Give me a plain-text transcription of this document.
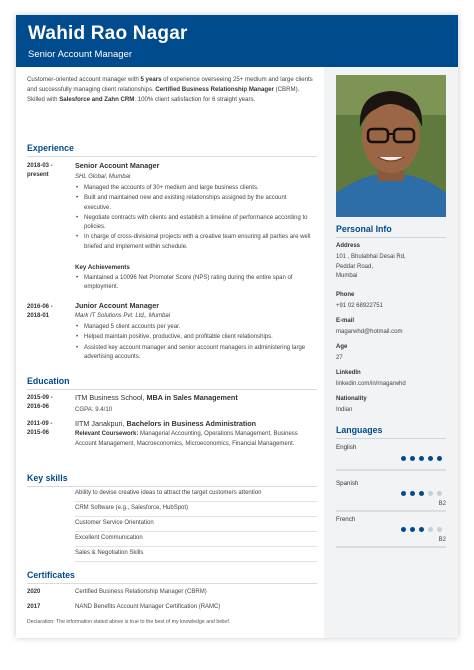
Wahid Rao Nagar
Senior Account Manager
Customer-oriented account manager with 5 years of experience overseeing 25+ medium and large clients and successfully managing client relationships. Certified Business Relationship Manager (CBRM). Skilled with Salesforce and Zahn CRM. 100% client satisfaction for 6 straight years.
Experience
2018-03 -
present
Senior Account Manager
SHL Global, Mumbai
• Managed the accounts of 30+ medium and large business clients.
• Built and maintained new and existing relationships assigned by the account executive.
• Negotiate contracts with clients and establish a timeline of performance according to policies.
• In charge of cross-divisional projects with a creative team ensuring all parties are well briefed and implement within schedule.
Key Achievements
• Maintained a 10096 Net Promoter Score (NPS) rating during the entire span of employment.
2016-06 -
2018-01
Junior Account Manager
Mark IT Solutions Pvt. Ltd., Mumbai
• Managed 5 client accounts per year.
• Helped maintain positive, productive, and profitable client relationships.
• Assisted key account manager and senior account managers in administering large advertising accounts.
Education
2015-09 -
2016-06
ITM Business School, MBA in Sales Management
CGPA: 9.4/10
2011-09 -
2015-06
IITM Janakpuri, Bachelors in Business Administration
Relevant Coursework: Managerial Accounting, Operations Management, Business Account Management, Macroeconomics, Microeconomics, Financial Management.
Key skills
Ability to devise creative ideas to attract the target customers attention
CRM Software (e.g., Salesforce, HubSpot)
Customer Service Orientation
Excellent Communication
Sales & Negotiation Skills
Certificates
2020	Certified Business Relationship Manager (CBRM)
2017	NAND Benefits Account Manager Certification (RAMC)
Declaration: The information stated above is true to the best of my knowledge and belief.
Personal Info
Address
101 , Bhulabhai Desai Rd,
Peddar Road,
Mumbai
Phone
+91 02 68922751
E-mail
magarwhd@hotmail.com
Age
27
LinkedIn
linkedin.com/in/rnagarwhd
Nationality
Indian
Languages
English
Spanish
B2
French
B2
